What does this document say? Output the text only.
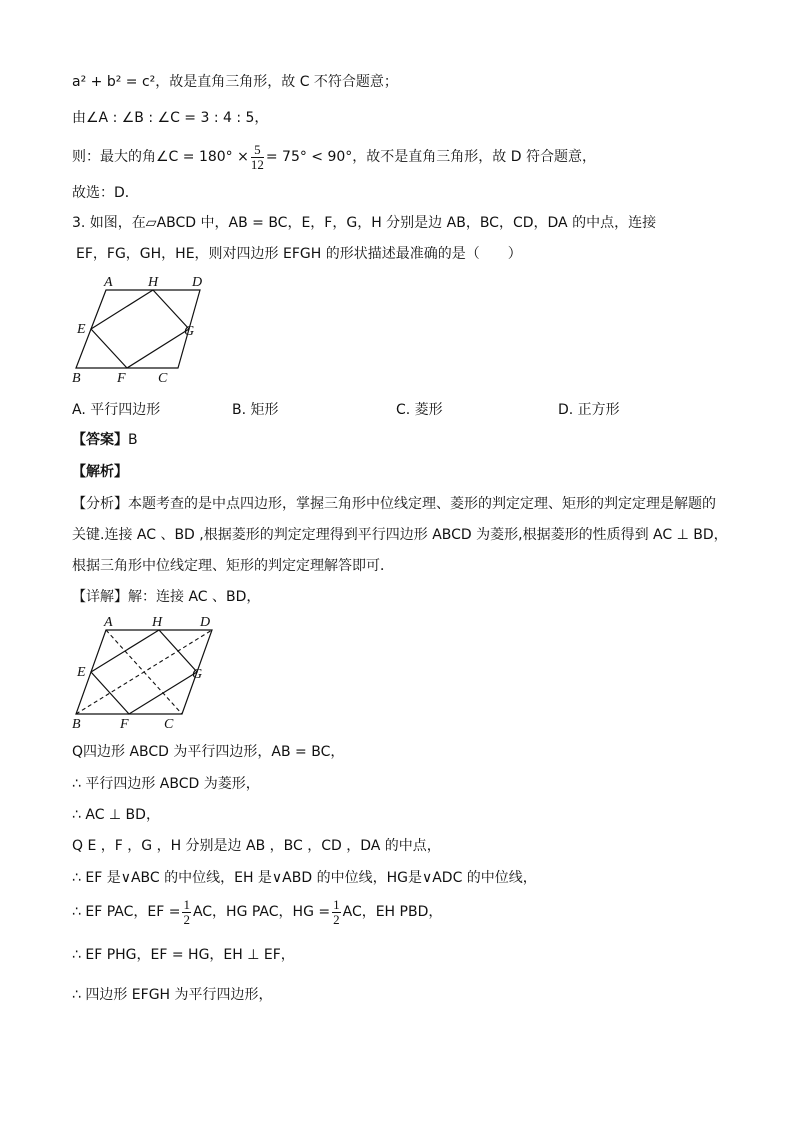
a² + b² = c²，故是直角三角形，故 C 不符合题意；
由∠A : ∠B : ∠C = 3 : 4 : 5，
则：最大的角∠C = $180^\circ \times \frac{5}{12} = 75^\circ < 90^\circ$，故不是直角三角形，故 D 符合题意，
故选：D．
3. 如图，在▱ABCD 中，AB = BC，E，F，G，H 分别是边 AB，BC，CD，DA 的中点，连接
EF，FG，GH，HE，则对四边形 EFGH 的形状描述最准确的是（　　）
A	H D
E	G
B	F C
A. 平行四边形	B. 矩形	C. 菱形	D. 正方形
【答案】B
【解析】
【分析】本题考查的是中点四边形，掌握三角形中位线定理、菱形的判定定理、矩形的判定定理是解题的
关键.连接 AC 、BD ,根据菱形的判定定理得到平行四边形 ABCD 为菱形,根据菱形的性质得到 AC ⊥ BD，
根据三角形中位线定理、矩形的判定定理解答即可．
【详解】解：连接 AC 、BD，
A	H	D
E	G
B	F	C
Q四边形 ABCD 为平行四边形，AB = BC，
∴ 平行四边形 ABCD 为菱形，
∴ AC ⊥ BD，
Q E ，F ，G ，H 分别是边 AB ，BC ，CD ，DA 的中点，
∴ EF 是∨ABC 的中位线，EH 是∨ABD 的中位线，HG是∨ADC 的中位线，
∴ EF PAC，EF = $\frac{1}{2}$ AC，HG PAC，HG = $\frac{1}{2}$ AC，EH PBD，
∴ EF PHG，EF = HG，EH ⊥ EF，
∴ 四边形 EFGH 为平行四边形，
